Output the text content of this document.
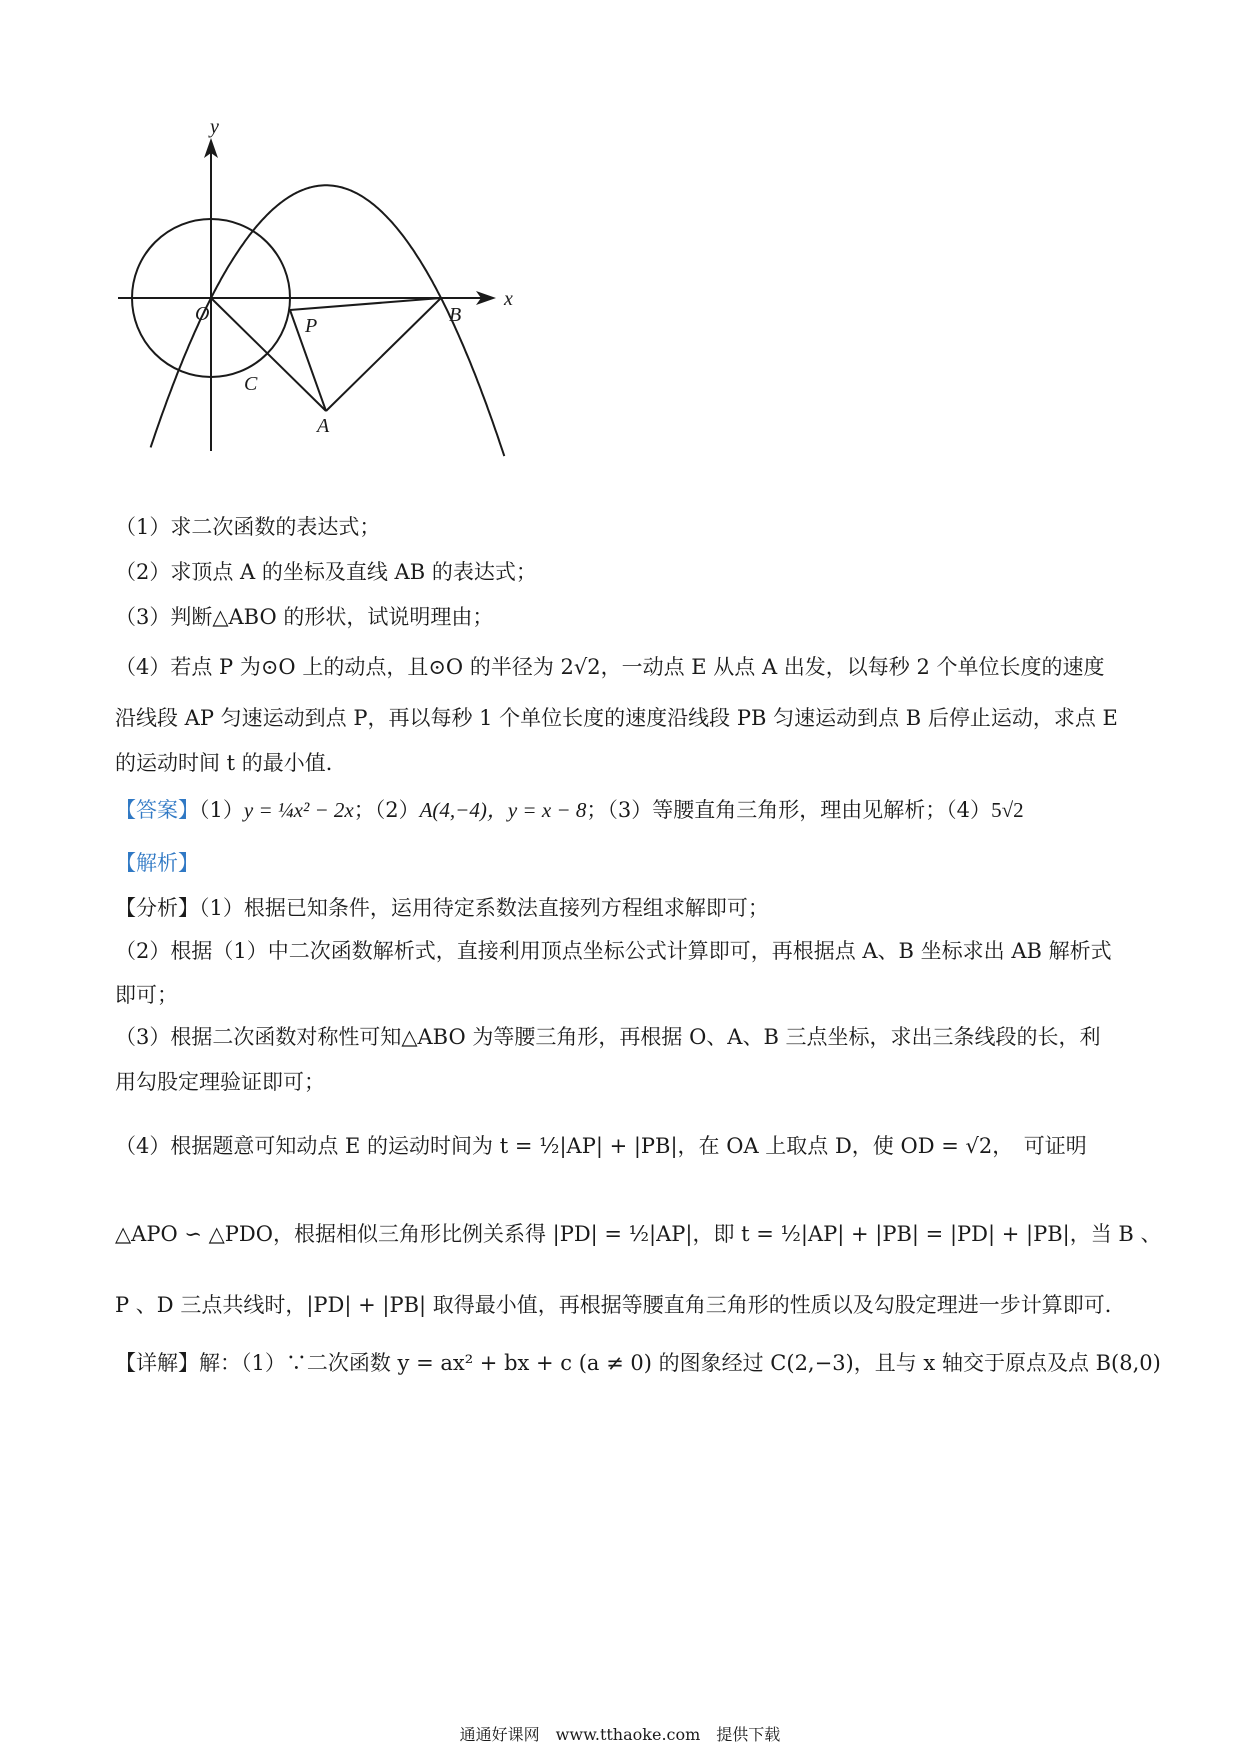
y
x
O
P	B
C
A
（1）求二次函数的表达式；
（2）求顶点 A 的坐标及直线 AB 的表达式；
（3）判断△ABO 的形状，试说明理由；
（4）若点 P 为⊙O 上的动点，且⊙O 的半径为 2√2，一动点 E 从点 A 出发，以每秒 2 个单位长度的速度
沿线段 AP 匀速运动到点 P，再以每秒 1 个单位长度的速度沿线段 PB 匀速运动到点 B 后停止运动，求点 E
的运动时间 t 的最小值．
【答案】（1）y = ¼x² − 2x；（2）A(4,−4)，y = x − 8；（3）等腰直角三角形，理由见解析；（4）5√2
【解析】
【分析】（1）根据已知条件，运用待定系数法直接列方程组求解即可；
（2）根据（1）中二次函数解析式，直接利用顶点坐标公式计算即可，再根据点 A、B 坐标求出 AB 解析式
即可；
（3）根据二次函数对称性可知△ABO 为等腰三角形，再根据 O、A、B 三点坐标，求出三条线段的长，利
用勾股定理验证即可；
（4）根据题意可知动点 E 的运动时间为 t = ½|AP| + |PB|，在 OA 上取点 D，使 OD = √2，　可证明
△APO ∽ △PDO，根据相似三角形比例关系得 |PD| = ½|AP|，即 t = ½|AP| + |PB| = |PD| + |PB|，当 B 、
P 、D 三点共线时，|PD| + |PB| 取得最小值，再根据等腰直角三角形的性质以及勾股定理进一步计算即可．
【详解】解：（1）∵二次函数 y = ax² + bx + c (a ≠ 0) 的图象经过 C(2,−3)，且与 x 轴交于原点及点 B(8,0)
通通好课网　www.tthaoke.com　提供下载
